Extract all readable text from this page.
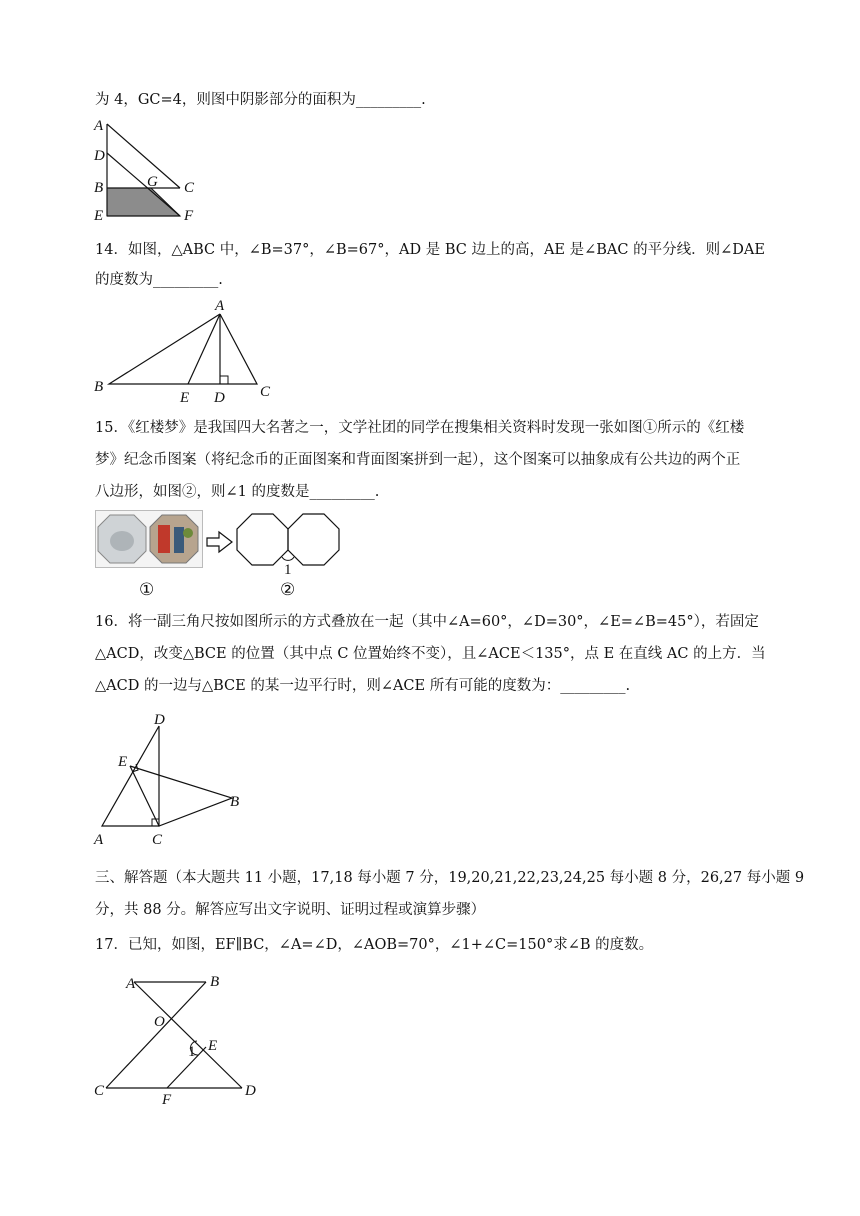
为 4，GC=4，则图中阴影部分的面积为_________.
A
D
B
E
G C
F
14．如图，△ABC 中，∠B=37°，∠B=67°，AD 是 BC 边上的高，AE 是∠BAC 的平分线．则∠DAE
的度数为_________.
A
B
E D C
15．《红楼梦》是我国四大名著之一，文学社团的同学在搜集相关资料时发现一张如图①所示的《红楼
梦》纪念币图案（将纪念币的正面图案和背面图案拼到一起），这个图案可以抽象成有公共边的两个正
八边形，如图②，则∠1 的度数是_________.
1
①	②
16．将一副三角尺按如图所示的方式叠放在一起（其中∠A=60°，∠D=30°，∠E=∠B=45°），若固定
△ACD，改变△BCE 的位置（其中点 C 位置始终不变），且∠ACE＜135°，点 E 在直线 AC 的上方．当
△ACD 的一边与△BCE 的某一边平行时，则∠ACE 所有可能的度数为：_________.
D
E
B
A	C
三、解答题（本大题共 11 小题，17,18 每小题 7 分，19,20,21,22,23,24,25 每小题 8 分，26,27 每小题 9
分，共 88 分。解答应写出文字说明、证明过程或演算步骤）
17．已知，如图，EF∥BC，∠A=∠D，∠AOB=70°，∠1+∠C=150°求∠B 的度数。
A	B
O
E
1
C
F
D
